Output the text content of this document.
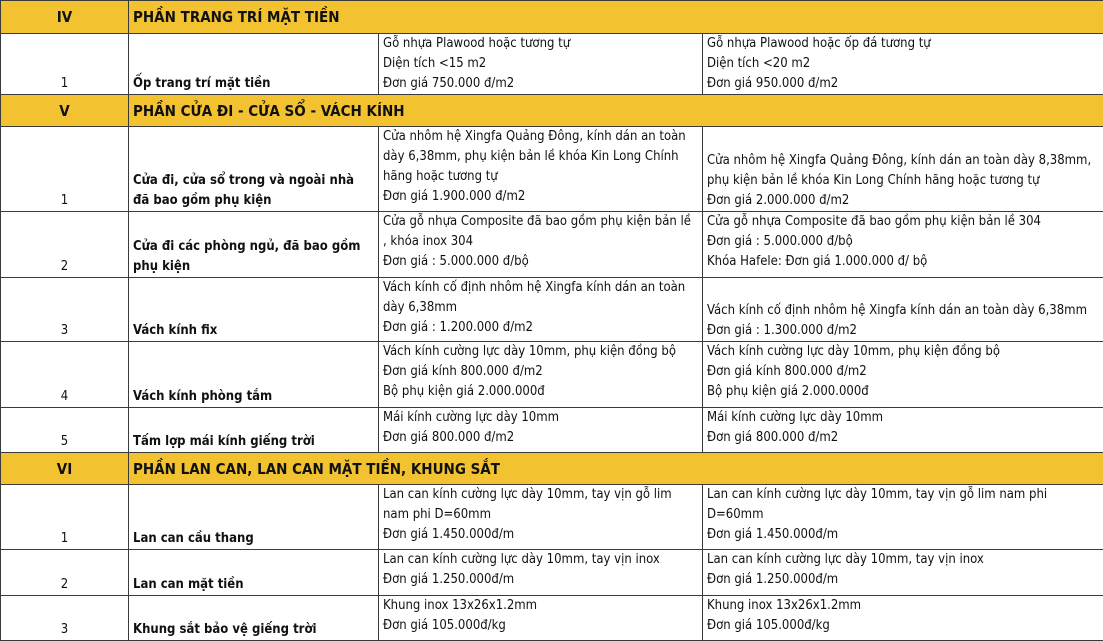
IV	PHẦN TRANG TRÍ MẶT TIỀN		
1	Ốp trang trí mặt tiền	Gỗ nhựa Plawood hoặc tương tự
Diện tích <15 m2
Đơn giá 750.000 đ/m2	Gỗ nhựa Plawood hoặc ốp đá tương tự
Diện tích <20 m2
Đơn giá 950.000 đ/m2

V	PHẦN CỬA ĐI - CỬA SỔ - VÁCH KÍNH		
1	Cửa đi, cửa sổ trong và ngoài nhà
đã bao gồm phụ kiện	Cửa nhôm hệ Xingfa Quảng Đông, kính dán an toàn
dày 6,38mm, phụ kiện bản lề khóa Kin Long Chính
hãng hoặc tương tự
Đơn giá 1.900.000 đ/m2	Cửa nhôm hệ Xingfa Quảng Đông, kính dán an toàn dày 8,38mm,
phụ kiện bản lề khóa Kin Long Chính hãng hoặc tương tự
Đơn giá 2.000.000 đ/m2

2	Cửa đi các phòng ngủ, đã bao gồm
phụ kiện	Cửa gỗ nhựa Composite đã bao gồm phụ kiện bản lề
, khóa inox 304
Đơn giá : 5.000.000 đ/bộ	Cửa gỗ nhựa Composite đã bao gồm phụ kiện bản lề 304
Đơn giá : 5.000.000 đ/bộ
Khóa Hafele: Đơn giá 1.000.000 đ/ bộ

3	Vách kính fix	Vách kính cố định nhôm hệ Xingfa kính dán an toàn
dày 6,38mm
Đơn giá : 1.200.000 đ/m2	Vách kính cố định nhôm hệ Xingfa kính dán an toàn dày 6,38mm
Đơn giá : 1.300.000 đ/m2

4	Vách kính phòng tắm	Vách kính cường lực dày 10mm, phụ kiện đồng bộ
Đơn giá kính 800.000 đ/m2
Bộ phụ kiện giá 2.000.000đ	Vách kính cường lực dày 10mm, phụ kiện đồng bộ
Đơn giá kính 800.000 đ/m2
Bộ phụ kiện giá 2.000.000đ

5	Tấm lợp mái kính giếng trời	Mái kính cường lực dày 10mm
Đơn giá 800.000 đ/m2	Mái kính cường lực dày 10mm
Đơn giá 800.000 đ/m2

VI	PHẦN LAN CAN, LAN CAN MẶT TIỀN, KHUNG SẮT		
1	Lan can cầu thang	Lan can kính cường lực dày 10mm, tay vịn gỗ lim
nam phi D=60mm
Đơn giá 1.450.000đ/m	Lan can kính cường lực dày 10mm, tay vịn gỗ lim nam phi
D=60mm
Đơn giá 1.450.000đ/m

2	Lan can mặt tiền	Lan can kính cường lực dày 10mm, tay vịn inox
Đơn giá 1.250.000đ/m	Lan can kính cường lực dày 10mm, tay vịn inox
Đơn giá 1.250.000đ/m

3	Khung sắt bảo vệ giếng trời	Khung inox 13x26x1.2mm
Đơn giá 105.000đ/kg	Khung inox 13x26x1.2mm
Đơn giá 105.000đ/kg
